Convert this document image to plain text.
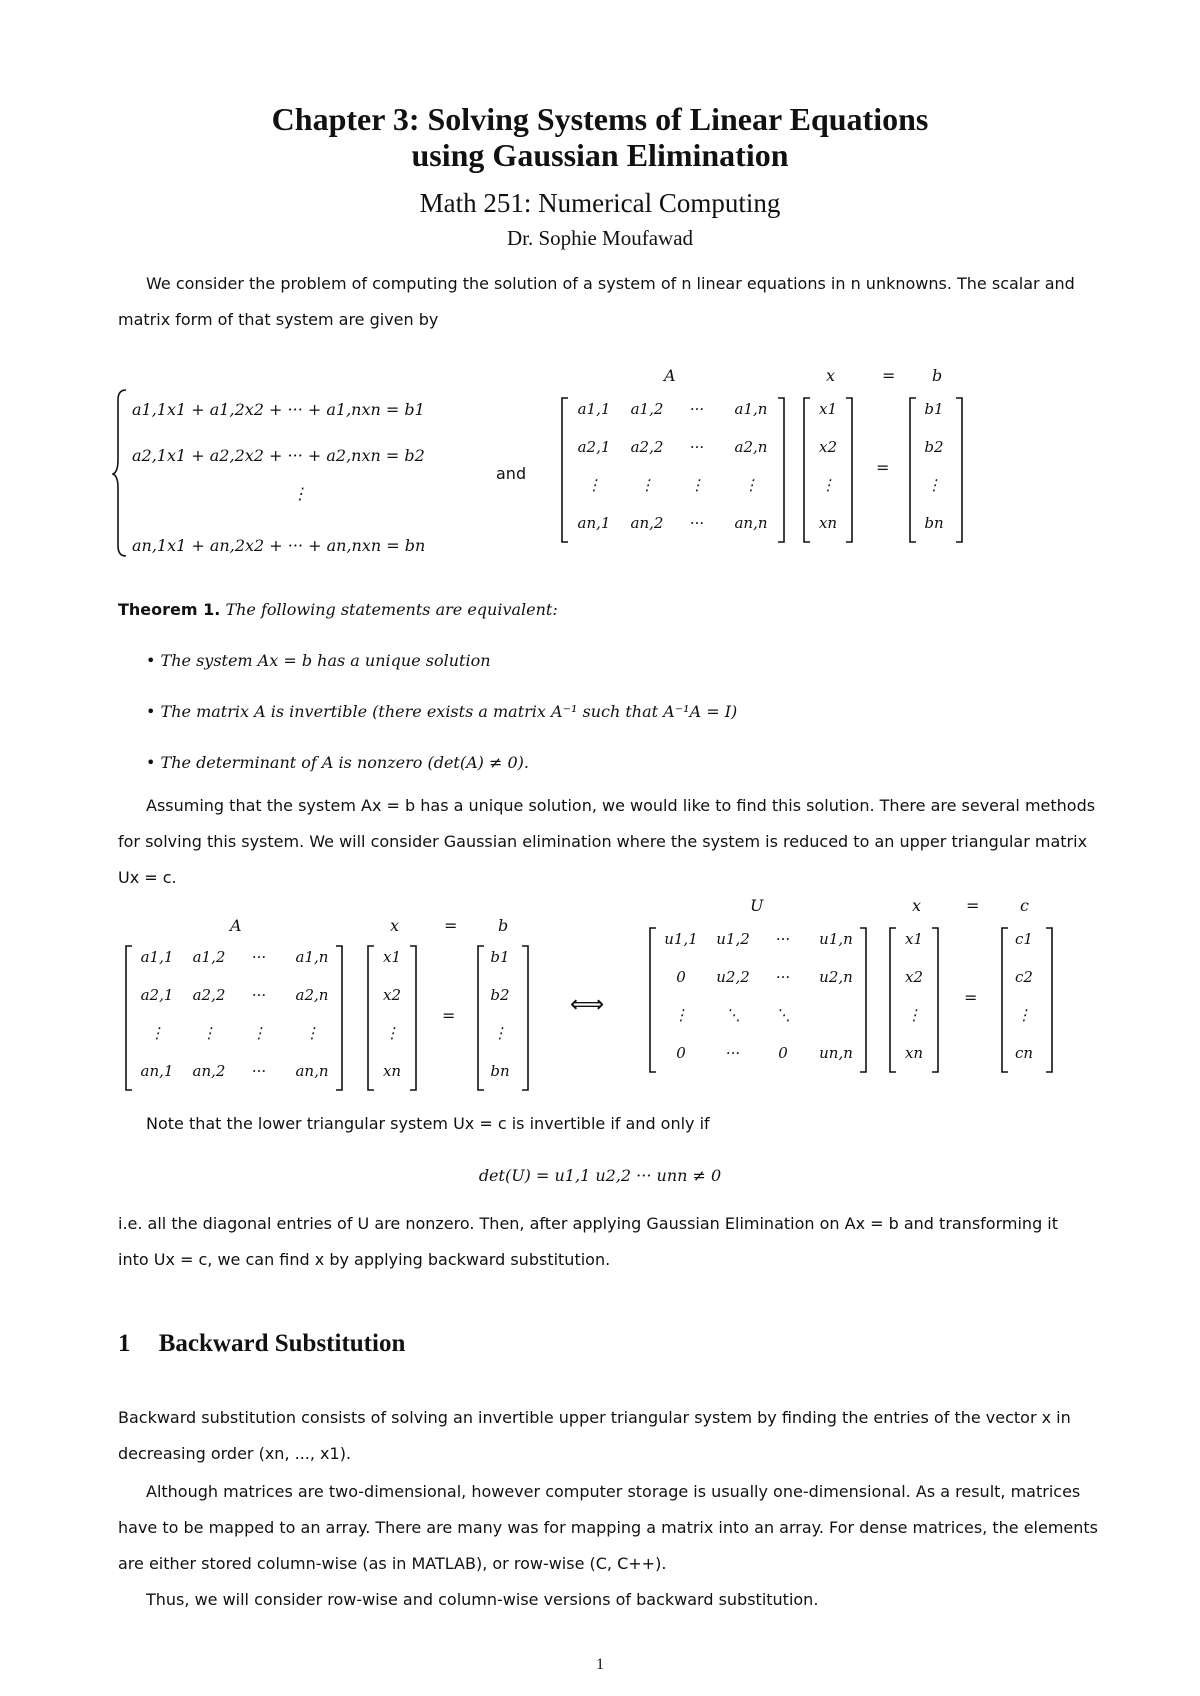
Chapter 3: Solving Systems of Linear Equations
using Gaussian Elimination
Math 251: Numerical Computing
Dr. Sophie Moufawad

We consider the problem of computing the solution of a system of n linear equations in n unknowns. The scalar and

matrix form of that system are given by

a1,1x1 + a1,2x2 + ··· + a1,nxn = b1
a2,1x1 + a2,2x2 + ··· + a2,nxn = b2
⋮
an,1x1 + an,2x2 + ··· + an,nxn = bn
and
A	x	= b
a1,1	a1,2	···	a1,n
a2,1	a2,2	···	a2,n
⋮	⋮	⋮	⋮
an,1	an,2	···	an,n
x1
x2
⋮
xn
=
b1
b2
⋮
bn
Theorem 1. The following statements are equivalent:
• The system Ax = b has a unique solution
• The matrix A is invertible (there exists a matrix A⁻¹ such that A⁻¹A = I)
• The determinant of A is nonzero (det(A) ≠ 0).

Assuming that the system Ax = b has a unique solution, we would like to find this solution. There are several methods

for solving this system. We will consider Gaussian elimination where the system is reduced to an upper triangular matrix

Ux = c.

A	x	=	b
U	x	=	c
a1,1	a1,2	···	a1,n
a2,1	a2,2	···	a2,n
⋮	⋮	⋮	⋮
an,1	an,2	···	an,n
x1
x2
⋮
xn
=
b1
b2
⋮
bn
⟺
u1,1	u1,2	···	u1,n
0	u2,2	···	u2,n
⋮	⋱	⋱
0	···	0	un,n
x1
x2
⋮
xn
=
c1
c2
⋮
cn
Note that the lower triangular system Ux = c is invertible if and only if
det(U) = u1,1 u2,2 ··· unn ≠ 0

i.e. all the diagonal entries of U are nonzero. Then, after applying Gaussian Elimination on Ax = b and transforming it

into Ux = c, we can find x by applying backward substitution.

1 Backward Substitution

Backward substitution consists of solving an invertible upper triangular system by finding the entries of the vector x in

decreasing order (xn, ..., x1).

Although matrices are two-dimensional, however computer storage is usually one-dimensional. As a result, matrices

have to be mapped to an array. There are many was for mapping a matrix into an array. For dense matrices, the elements

are either stored column-wise (as in MATLAB), or row-wise (C, C++).

Thus, we will consider row-wise and column-wise versions of backward substitution.
1
